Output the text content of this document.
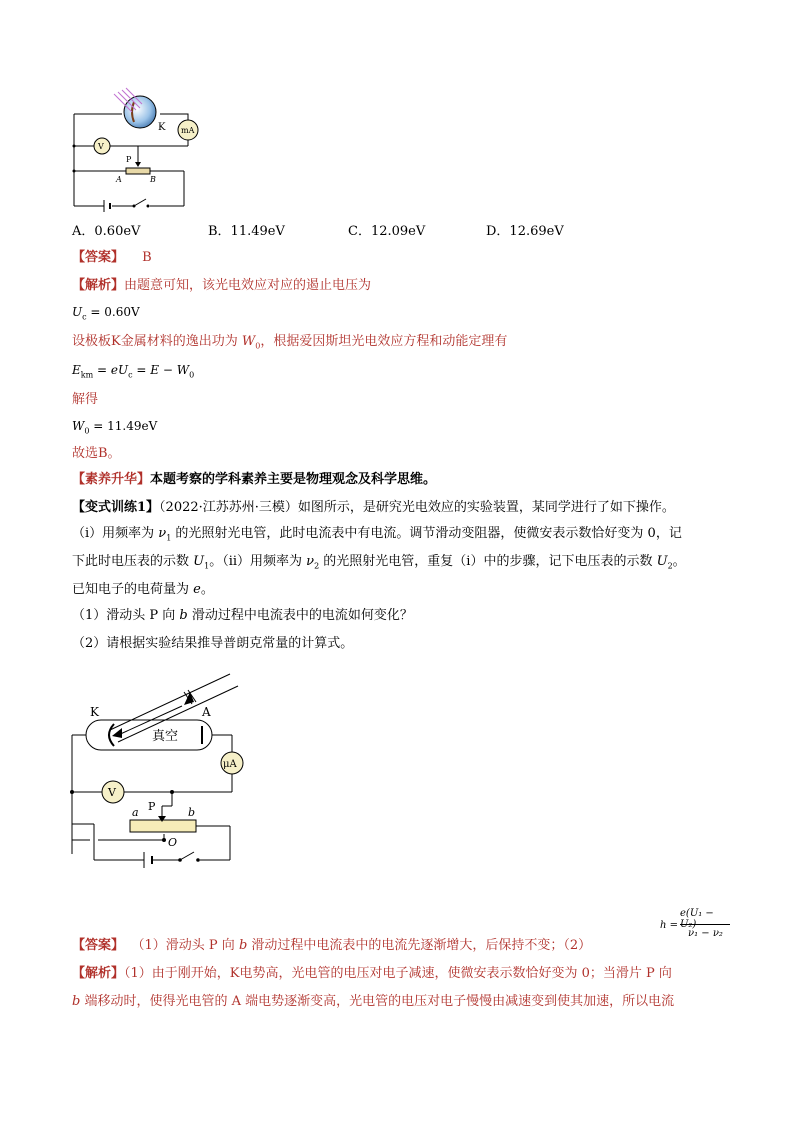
K mA
V
P
A	B
A．0.60eV	B．11.49eV	C．12.09eV	D．12.69eV
【答案】 B
【解析】由题意可知，该光电效应对应的遏止电压为
$U_c = 0.60V$
设极板K金属材料的逸出功为 $W_0$，根据爱因斯坦光电效应方程和动能定理有
$E_{km} = eU_c = E - W_0$
解得
$W_0 = 11.49eV$
故选B。
【素养升华】本题考察的学科素养主要是物理观念及科学思维。
【变式训练1】（2022·江苏苏州·三模）如图所示，是研究光电效应的实验装置，某同学进行了如下操作。
（i）用频率为 $\nu_1$ 的光照射光电管，此时电流表中有电流。调节滑动变阻器，使微安表示数恰好变为 0，记
下此时电压表的示数 $U_1$。（ii）用频率为 $\nu_2$ 的光照射光电管，重复（i）中的步骤，记下电压表的示数 $U_2$。
已知电子的电荷量为 e。
（1）滑动头 P 向 b 滑动过程中电流表中的电流如何变化？
（2）请根据实验结果推导普朗克常量的计算式。
K	A
真空
μA
V
P
a	b
O
h =
e(U₁ − U₂)
ν₁ − ν₂
【答案】 （1）滑动头 P 向 b 滑动过程中电流表中的电流先逐渐增大，后保持不变；（2）
【解析】（1）由于刚开始，K电势高，光电管的电压对电子减速，使微安表示数恰好变为 0；当滑片 P 向
b 端移动时，使得光电管的 A 端电势逐渐变高，光电管的电压对电子慢慢由减速变到使其加速，所以电流
